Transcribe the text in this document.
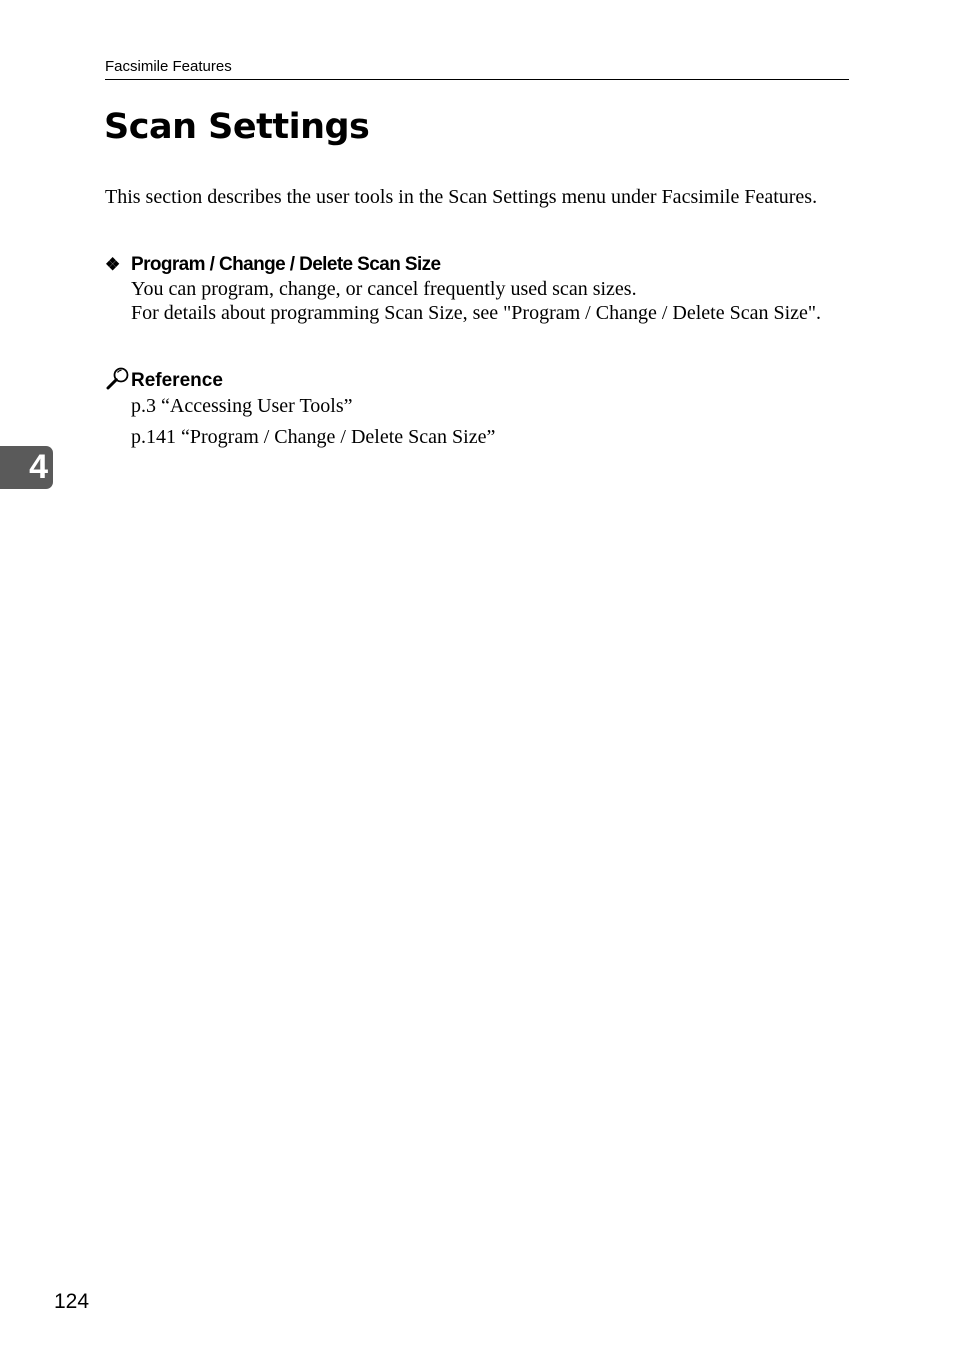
Facsimile Features
Scan Settings

This section describes the user tools in the Scan Settings menu under Facsimile Features.

❖ Program / Change / Delete Scan Size

You can program, change, or cancel frequently used scan sizes.

For details about programming Scan Size, see "Program / Change / Delete Scan Size".

Reference
p.3 “Accessing User Tools”
p.141 “Program / Change / Delete Scan Size”
4
124
